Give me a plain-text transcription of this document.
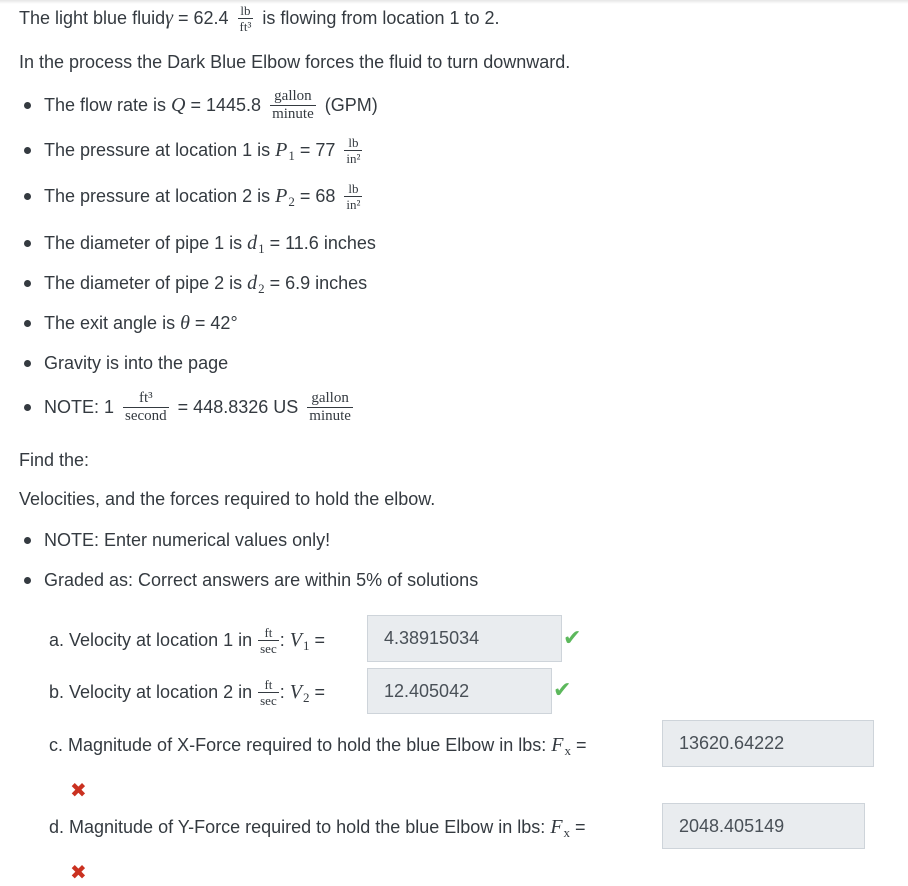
The light blue fluid $\gamma = 62.4 \frac{lb}{\text{ft³}}$ is flowing from location 1 to 2.
In the process the Dark Blue Elbow forces the fluid to turn downward.
The flow rate is $Q = 1445.8 \frac{\text{gallon}}{\text{minute}} (GPM)$
The pressure at location 1 is $P_1 = 77 \frac{lb}{\text{in²}}$
The pressure at location 2 is $P_2 = 68 \frac{lb}{\text{in²}}$
The diameter of pipe 1 is $d_1 = 11.6$ inches
The diameter of pipe 2 is $d_2 = 6.9$ inches
The exit angle is θ = 42°
Gravity is into the page
NOTE: $1 \frac{\text{ft³}}{\text{second}} = 448.8326$ US $\frac{\text{gallon}}{\text{minute}}$
Find the:
Velocities, and the forces required to hold the elbow.
NOTE: Enter numerical values only!
Graded as: Correct answers are within 5% of solutions
a. Velocity at location 1 in $\frac{ft}{\sec}$ : $V_1$ =	4.38915034	✔
b. Velocity at location 2 in $\frac{ft}{\sec}$ : $V_2$ =	12.405042	✔
c. Magnitude of X-Force required to hold the blue Elbow in lbs: $F_x$ =	13620.64222
✖
d. Magnitude of Y-Force required to hold the blue Elbow in lbs: $F_x$ =	2048.405149
✖
